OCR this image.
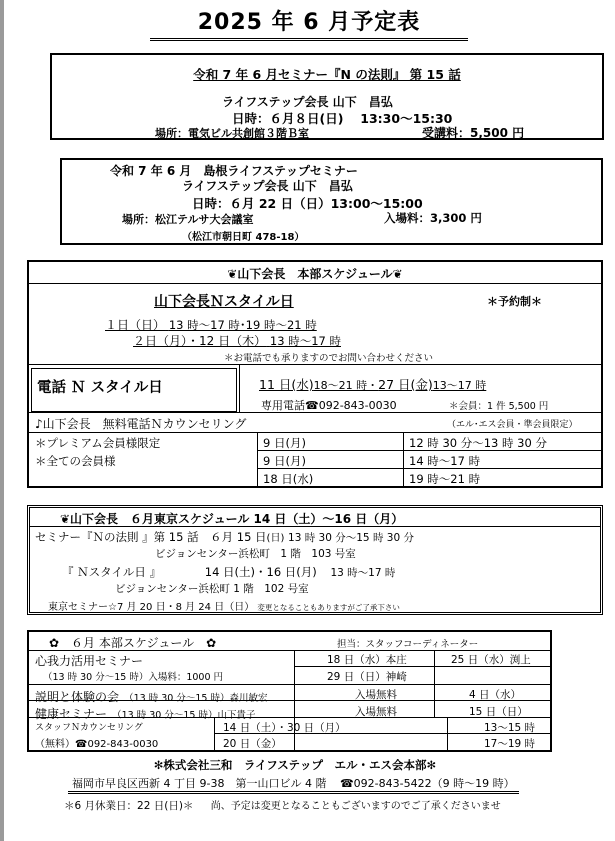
2025 年 6 月予定表
令和 7 年 6 月セミナー『N の法則』 第 15 話
ライフステップ会長 山下　昌弘
日時：６月８日(日)　 13:30～15:30
場所：電気ビル共創館３階Ｂ室	受講料：5,500 円
令和 7 年 6 月　島根ライフステップセミナー
ライフステップ会長 山下　昌弘
日時：６月 22 日（日）13:00～15:00
場所：松江テルサ大会議室	入場料：3,300 円
（松江市朝日町 478-18）
❦山下会長　本部スケジュール❦
山下会長Ｎスタイル日	＊予約制＊
１日（日） 13 時～17 時･19 時～21 時
２日（月）・12 日（木） 13 時～17 時
＊お電話でも承りますのでお問い合わせください
電話 Ｎ スタイル日	11 日(水)18～21 時・27 日(金)13～17 時
専用電話☎092-843-0030	＊会員：1 件 5,500 円
♪山下会長　無料電話Ｎカウンセリング	（エル･エス会員・準会員限定）
＊プレミアム会員様限定	9 日(月)	12 時 30 分～13 時 30 分
＊全ての会員様	9 日(月)	14 時～17 時
18 日(水)	19 時～21 時
❦山下会長　６月東京スケジュール 14 日（土）～16 日（月）
セミナー『Ｎの法則 』第 15 話　６月 15 日(日) 13 時 30 分～15 時 30 分
ビジョンセンター浜松町　1 階　103 号室
『 Ｎスタイル日 』	14 日(土)・16 日(月) 13 時～17 時
ビジョンセンター浜松町 1 階　102 号室
東京セミナー☆7 月 20 日・8 月 24 日（日） 変更となることもありますがご了承下さい
✿　６月 本部スケジュール　✿	担当：スタッフコーディネーター
心我力活用セミナー
（13 時 30 分～15 時）入場料：1000 円
18 日（水）本庄	25 日（水）渕上
29 日（日）神崎
説明と体験の会 （13 時 30 分～15 時）森川敏宏	入場無料	4 日（水）
健康セミナー （13 時 30 分～15 時）山下貴子	入場無料	15 日（日）
スタッフＮカウンセリング
（無料）☎092-843-0030
14 日（土）・30 日（月）	13～15 時
20 日（金）	17～19 時
✻株式会社三和　ライフステップ　エル・エス会本部✻
福岡市早良区西新 4 丁目 9-38　第一山口ビル 4 階 ☎092-843-5422（9 時～19 時）
＊6 月休業日：22 日(日)＊ 尚、予定は変更となることもございますのでご了承くださいませ
